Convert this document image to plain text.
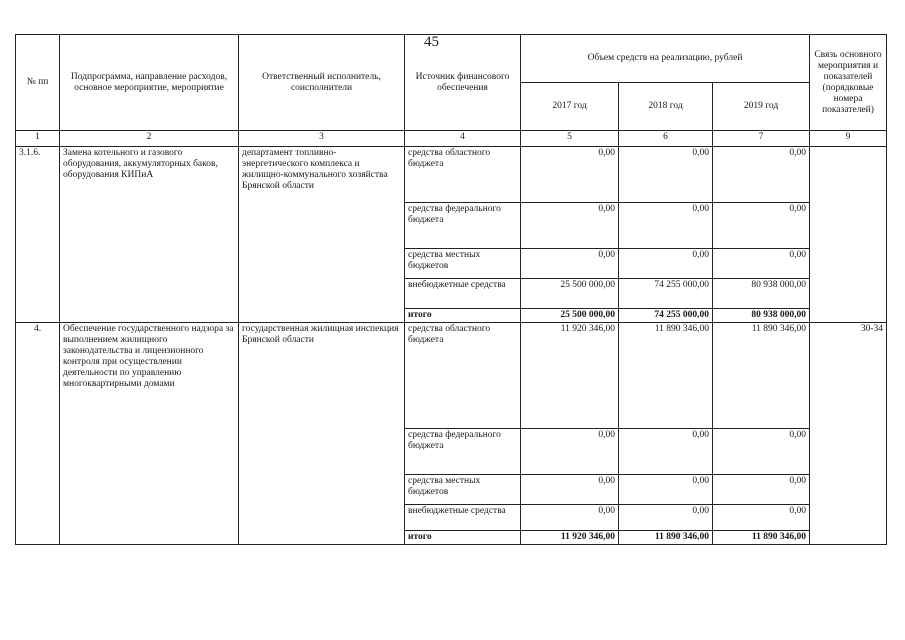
45
№ пп	Подпрограмма, направление расходов, основное мероприятие, мероприятие	Ответственный исполнитель, соисполнители	Источник финансового обеспечения	Объем средств на реализацию, рублей			Связь основного мероприятия и показателей (порядковые номера показателей)
				2017 год	2018 год	2019 год	
1	2	3	4	5	6	7	9
3.1.6.	Замена котельного и газового оборудования, аккумуляторных баков, оборудования КИПиА	департамент топливно-энергетического комплекса и жилищно-коммунального хозяйства Брянской области	средства областного бюджета	0,00	0,00	0,00	
			средства федерального бюджета	0,00	0,00	0,00	
			средства местных бюджетов	0,00	0,00	0,00	
			внебюджетные средства	25 500 000,00	74 255 000,00	80 938 000,00	
			итого	25 500 000,00	74 255 000,00	80 938 000,00	
4.	Обеспечение государственного надзора за выполнением жилищного законодательства и лицензионного контроля при осуществлении деятельности по управлению многоквартирными домами	государственная жилищная инспекция Брянской области	средства областного бюджета	11 920 346,00	11 890 346,00	11 890 346,00	30-34
			средства федерального бюджета	0,00	0,00	0,00	
			средства местных бюджетов	0,00	0,00	0,00	
			внебюджетные средства	0,00	0,00	0,00	
			итого	11 920 346,00	11 890 346,00	11 890 346,00	
